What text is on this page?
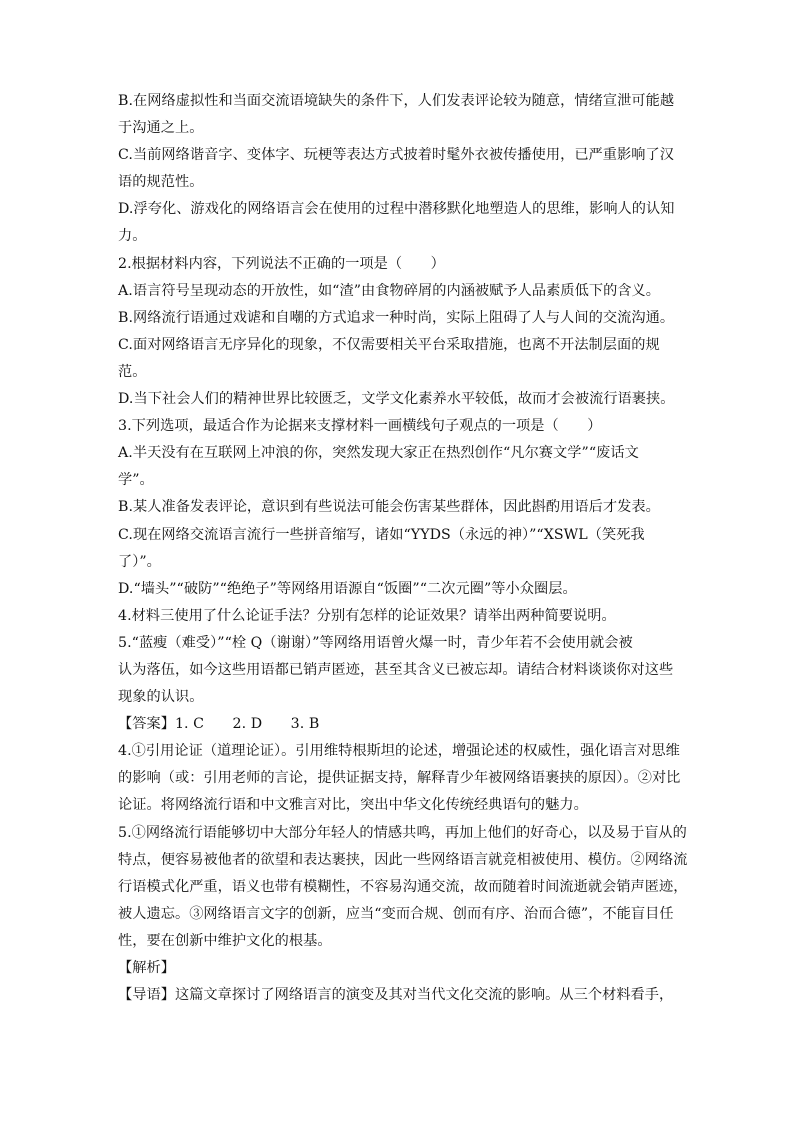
B.在网络虚拟性和当面交流语境缺失的条件下，人们发表评论较为随意，情绪宣泄可能越
于沟通之上。
C.当前网络谐音字、变体字、玩梗等表达方式披着时髦外衣被传播使用，已严重影响了汉
语的规范性。
D.浮夸化、游戏化的网络语言会在使用的过程中潜移默化地塑造人的思维，影响人的认知
力。
2.根据材料内容，下列说法不正确的一项是（　　）
A.语言符号呈现动态的开放性，如“渣”由食物碎屑的内涵被赋予人品素质低下的含义。
B.网络流行语通过戏谑和自嘲的方式追求一种时尚，实际上阻碍了人与人间的交流沟通。
C.面对网络语言无序异化的现象，不仅需要相关平台采取措施，也离不开法制层面的规
范。
D.当下社会人们的精神世界比较匮乏，文学文化素养水平较低，故而才会被流行语裹挟。
3.下列选项，最适合作为论据来支撑材料一画横线句子观点的一项是（　　）
A.半天没有在互联网上冲浪的你，突然发现大家正在热烈创作“凡尔赛文学”“废话文
学”。
B.某人准备发表评论，意识到有些说法可能会伤害某些群体，因此斟酌用语后才发表。
C.现在网络交流语言流行一些拼音缩写，诸如“YYDS（永远的神）”“XSWL（笑死我
了）”。
D.“墙头”“破防”“绝绝子”等网络用语源自“饭圈”“二次元圈”等小众圈层。
4.材料三使用了什么论证手法？分别有怎样的论证效果？请举出两种简要说明。
5.“蓝瘦（难受）”“栓 Q（谢谢）”等网络用语曾火爆一时，青少年若不会使用就会被
认为落伍，如今这些用语都已销声匿迹，甚至其含义已被忘却。请结合材料谈谈你对这些
现象的认识。
【答案】1. C　　2. D　　3. B
4.①引用论证（道理论证）。引用维特根斯坦的论述，增强论述的权威性，强化语言对思维
的影响（或：引用老师的言论，提供证据支持，解释青少年被网络语裹挟的原因）。②对比
论证。将网络流行语和中文雅言对比，突出中华文化传统经典语句的魅力。
5.①网络流行语能够切中大部分年轻人的情感共鸣，再加上他们的好奇心，以及易于盲从的
特点，便容易被他者的欲望和表达裹挟，因此一些网络语言就竞相被使用、模仿。②网络流
行语模式化严重，语义也带有模糊性，不容易沟通交流，故而随着时间流逝就会销声匿迹，
被人遗忘。③网络语言文字的创新，应当“变而合规、创而有序、治而合德”，不能盲目任
性，要在创新中维护文化的根基。
【解析】
【导语】这篇文章探讨了网络语言的演变及其对当代文化交流的影响。从三个材料看手，
